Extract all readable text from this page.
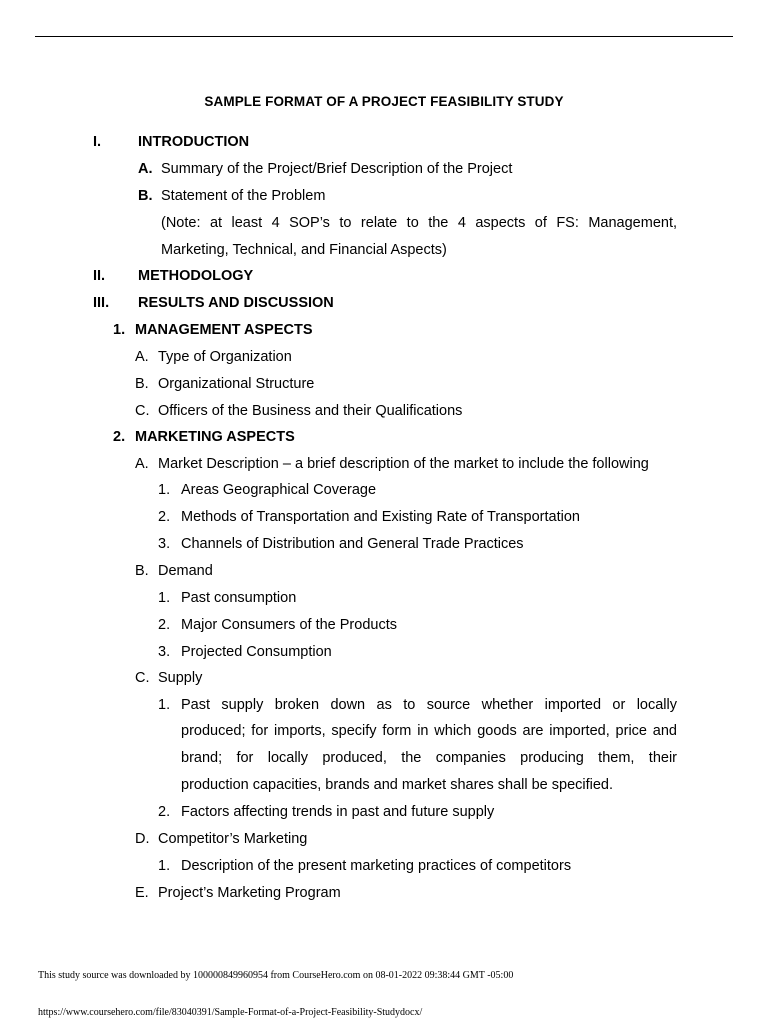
SAMPLE FORMAT OF A PROJECT FEASIBILITY STUDY
I.	INTRODUCTION
A. Summary of the Project/Brief Description of the Project
B. Statement of the Problem
(Note: at least 4 SOP’s to relate to the 4 aspects of FS: Management,
Marketing, Technical, and Financial Aspects)
II. METHODOLOGY
III. RESULTS AND DISCUSSION
1. MANAGEMENT ASPECTS
A. Type of Organization
B. Organizational Structure
C. Officers of the Business and their Qualifications
2. MARKETING ASPECTS
A. Market Description – a brief description of the market to include the following
1. Areas Geographical Coverage
2. Methods of Transportation and Existing Rate of Transportation
3. Channels of Distribution and General Trade Practices
B. Demand
1. Past consumption
2. Major Consumers of the Products
3. Projected Consumption
C. Supply
1. Past supply broken down as to source whether imported or locally
produced; for imports, specify form in which goods are imported, price and
brand; for locally produced, the companies producing them, their
production capacities, brands and market shares shall be specified.
2. Factors affecting trends in past and future supply
D. Competitor’s Marketing
1. Description of the present marketing practices of competitors
E. Project’s Marketing Program
This study source was downloaded by 100000849960954 from CourseHero.com on 08-01-2022 09:38:44 GMT -05:00
https://www.coursehero.com/file/83040391/Sample-Format-of-a-Project-Feasibility-Studydocx/
